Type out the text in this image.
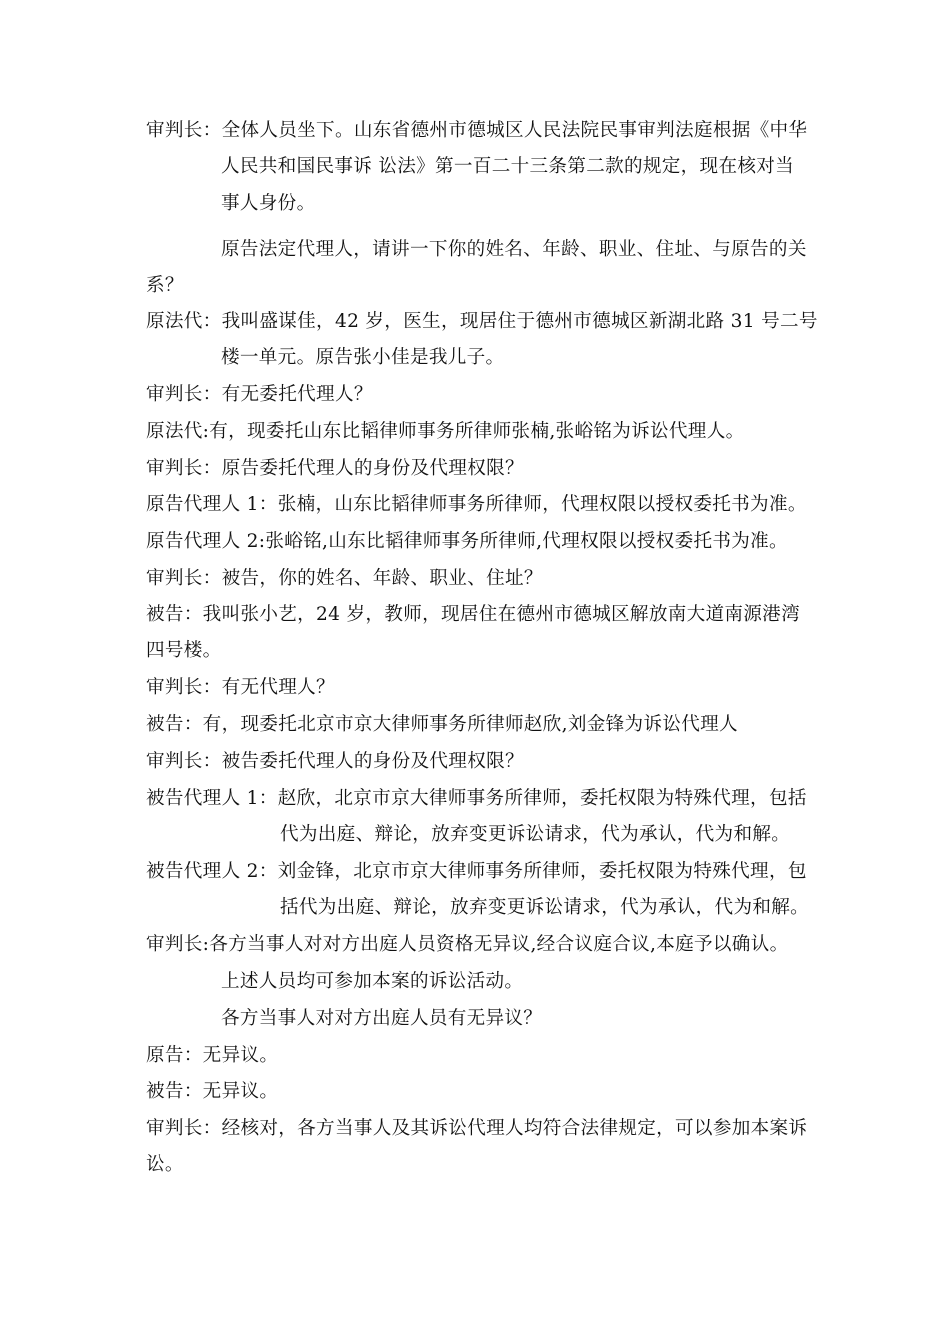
审判长：全体人员坐下。山东省德州市德城区人民法院民事审判法庭根据《中华

人民共和国民事诉 讼法》第一百二十三条第二款的规定，现在核对当

事人身份。

原告法定代理人，请讲一下你的姓名、年龄、职业、住址、与原告的关

系？

原法代：我叫盛谋佳，42 岁，医生，现居住于德州市德城区新湖北路 31 号二号

楼一单元。原告张小佳是我儿子。

审判长：有无委托代理人？

原法代:有，现委托山东比韬律师事务所律师张楠,张峪铭为诉讼代理人。

审判长：原告委托代理人的身份及代理权限？

原告代理人 1：张楠，山东比韬律师事务所律师，代理权限以授权委托书为准。

原告代理人 2:张峪铭,山东比韬律师事务所律师,代理权限以授权委托书为准。

审判长：被告，你的姓名、年龄、职业、住址？

被告：我叫张小艺，24 岁，教师，现居住在德州市德城区解放南大道南源港湾

四号楼。

审判长：有无代理人？

被告：有，现委托北京市京大律师事务所律师赵欣,刘金锋为诉讼代理人

审判长：被告委托代理人的身份及代理权限？

被告代理人 1：赵欣，北京市京大律师事务所律师，委托权限为特殊代理，包括

代为出庭、辩论，放弃变更诉讼请求，代为承认，代为和解。

被告代理人 2：刘金锋，北京市京大律师事务所律师，委托权限为特殊代理，包

括代为出庭、辩论，放弃变更诉讼请求，代为承认，代为和解。

审判长:各方当事人对对方出庭人员资格无异议,经合议庭合议,本庭予以确认。

上述人员均可参加本案的诉讼活动。

各方当事人对对方出庭人员有无异议？

原告：无异议。

被告：无异议。

审判长：经核对，各方当事人及其诉讼代理人均符合法律规定，可以参加本案诉

讼。
